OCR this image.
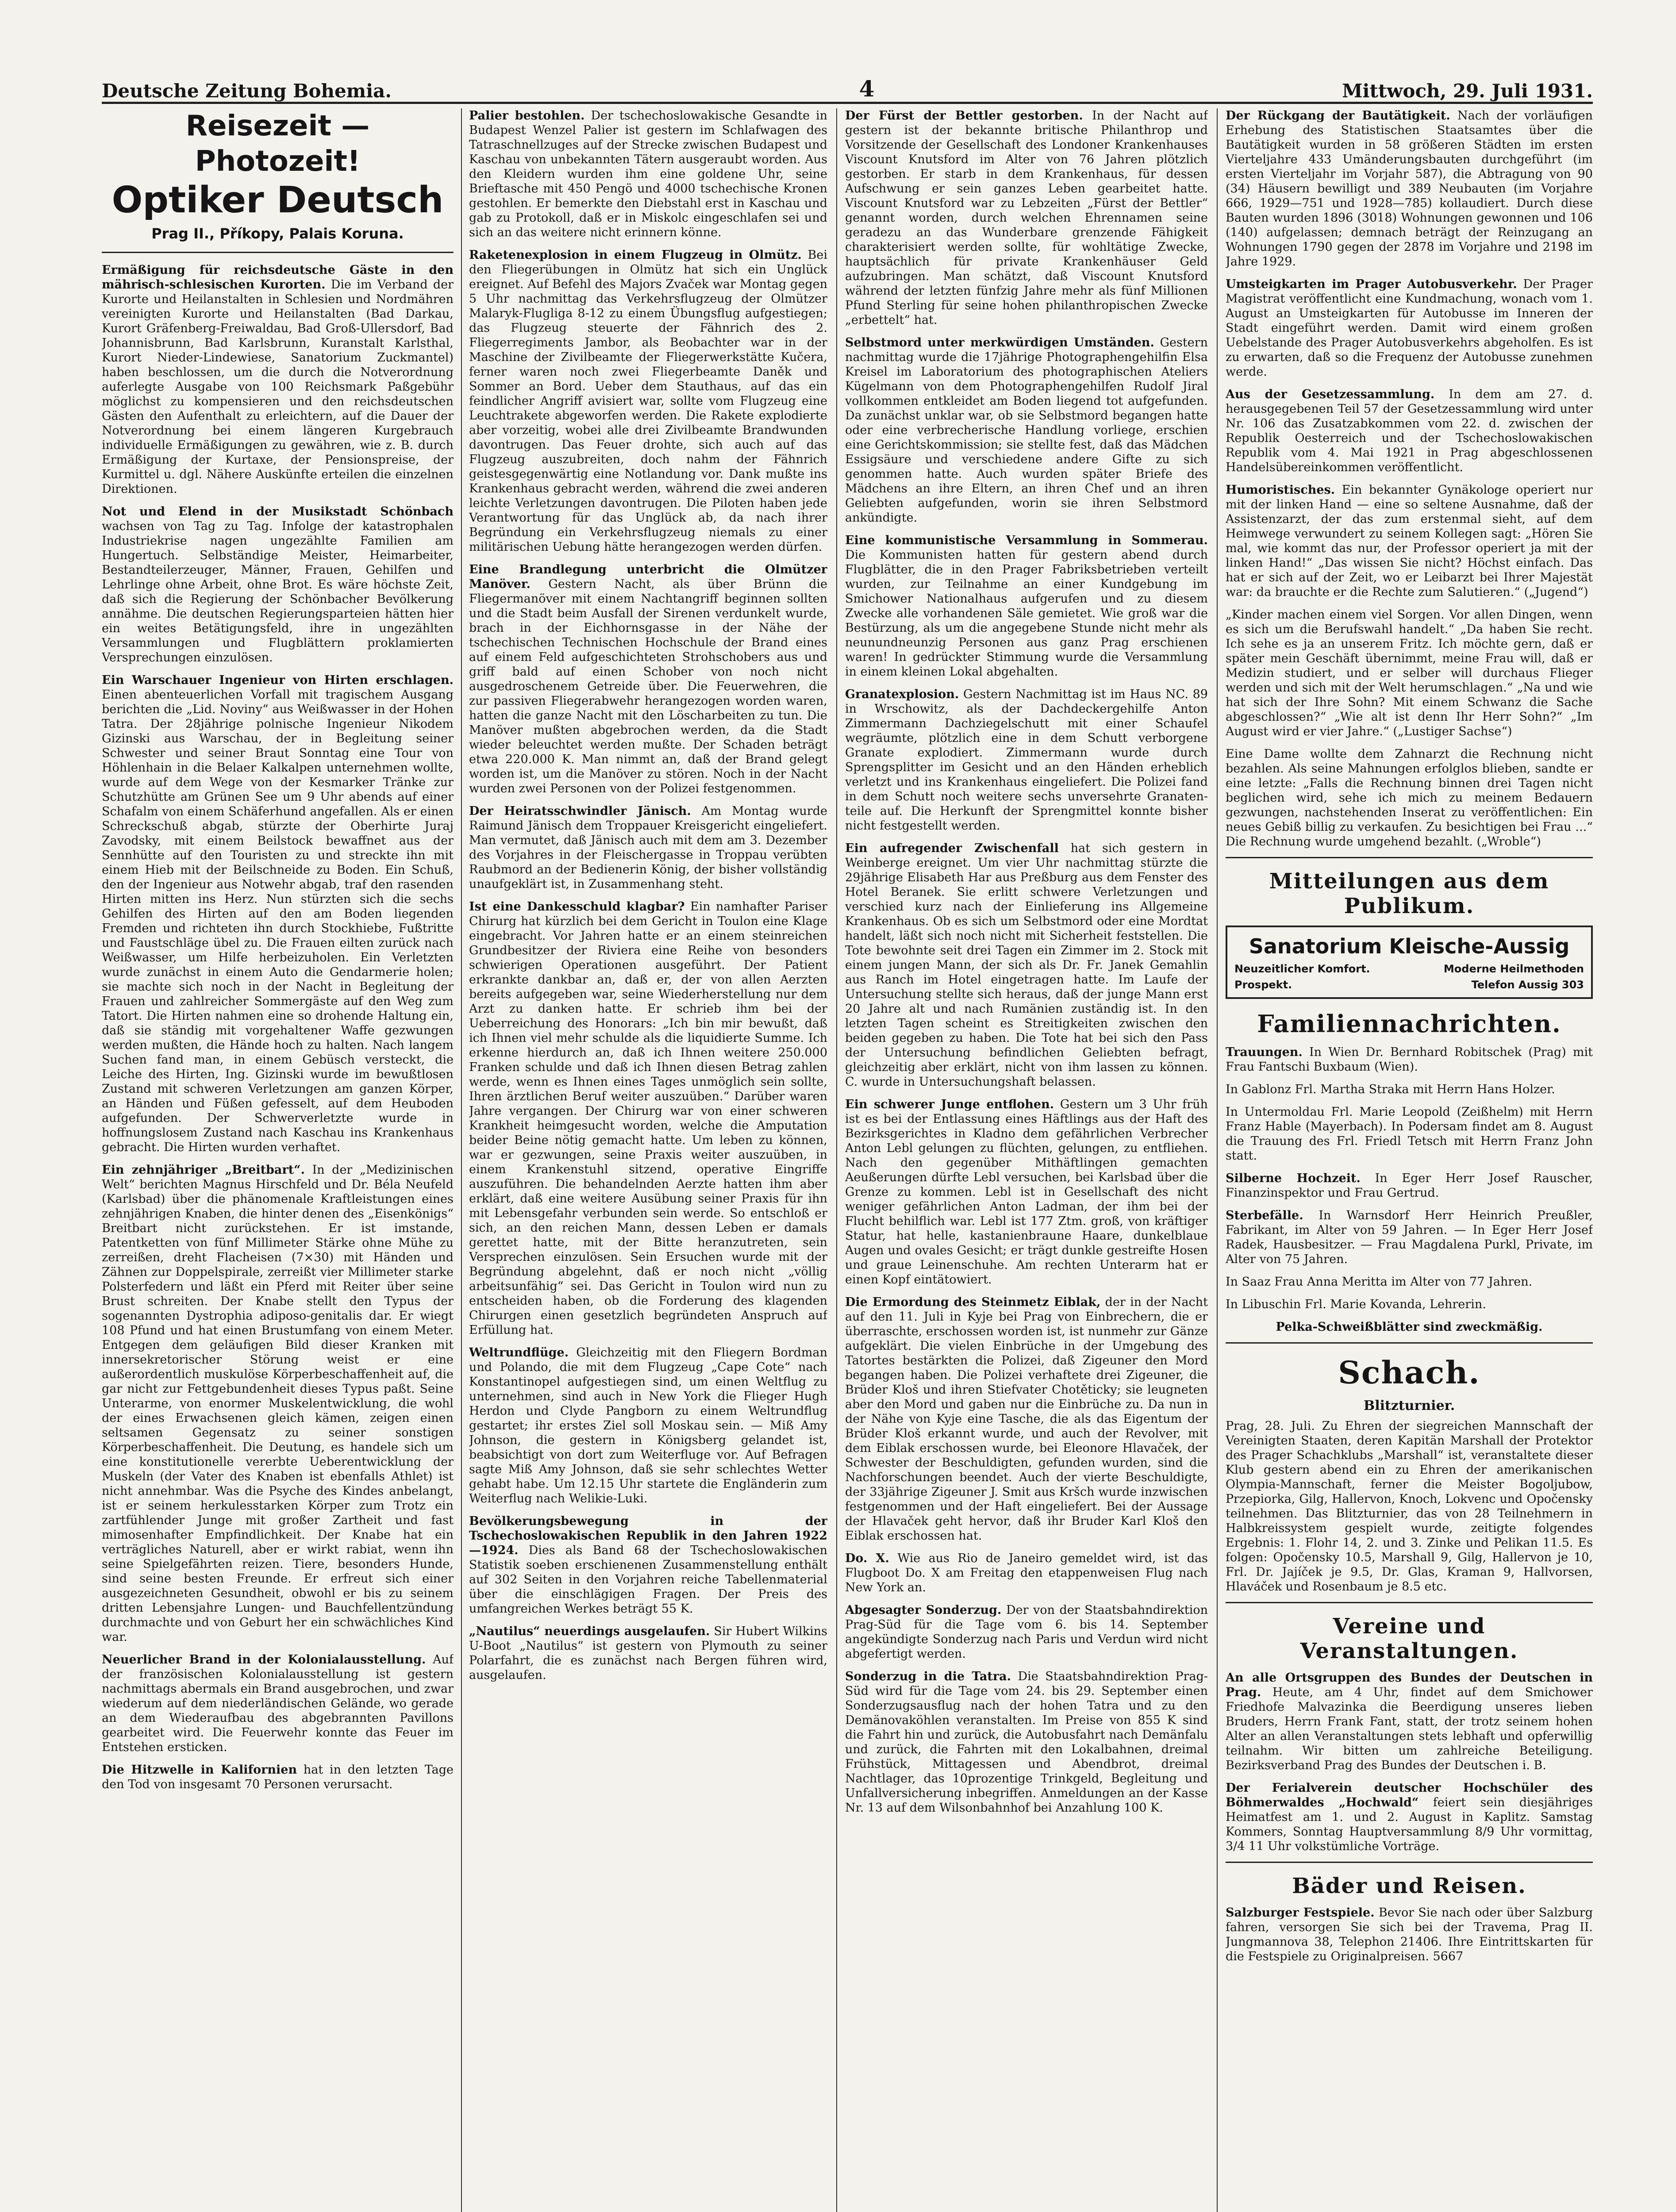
Deutsche Zeitung Bohemia.	4	Mittwoch, 29. Juli 1931.
Reisezeit — Photozeit!
Optiker Deutsch
Prag II., Příkopy, Palais Koruna.

Ermäßigung für reichsdeutsche Gäste in den mährisch-schlesischen Kurorten. Die im Verband der Kurorte und Heilanstalten in Schlesien und Nordmähren vereinigten Kurorte und Heilanstalten (Bad Darkau, Kurort Gräfenberg-Freiwaldau, Bad Groß-Ullersdorf, Bad Johannisbrunn, Bad Karlsbrunn, Kuranstalt Karlsthal, Kurort Nieder-Lindewiese, Sanatorium Zuckmantel) haben beschlossen, um die durch die Notverordnung auferlegte Ausgabe von 100 Reichsmark Paßgebühr möglichst zu kompensieren und den reichsdeutschen Gästen den Aufenthalt zu erleichtern, auf die Dauer der Notverordnung bei einem längeren Kurgebrauch individuelle Ermäßigungen zu gewähren, wie z. B. durch Ermäßigung der Kurtaxe, der Pensionspreise, der Kurmittel u. dgl. Nähere Auskünfte erteilen die einzelnen Direktionen.

Not und Elend in der Musikstadt Schönbach wachsen von Tag zu Tag. Infolge der katastrophalen Industriekrise nagen ungezählte Familien am Hungertuch. Selbständige Meister, Heimarbeiter, Bestandteilerzeuger, Männer, Frauen, Gehilfen und Lehrlinge ohne Arbeit, ohne Brot. Es wäre höchste Zeit, daß sich die Regierung der Schönbacher Bevölkerung annähme. Die deutschen Regierungsparteien hätten hier ein weites Betätigungsfeld, ihre in ungezählten Versammlungen und Flugblättern proklamierten Versprechungen einzulösen.

Ein Warschauer Ingenieur von Hirten erschlagen. Einen abenteuerlichen Vorfall mit tragischem Ausgang berichten die „Lid. Noviny“ aus Weißwasser in der Hohen Tatra. Der 28jährige polnische Ingenieur Nikodem Gizinski aus Warschau, der in Begleitung seiner Schwester und seiner Braut Sonntag eine Tour von Höhlenhain in die Belaer Kalkalpen unternehmen wollte, wurde auf dem Wege von der Kesmarker Tränke zur Schutzhütte am Grünen See um 9 Uhr abends auf einer Schafalm von einem Schäferhund angefallen. Als er einen Schreckschuß abgab, stürzte der Oberhirte Juraj Zavodsky, mit einem Beilstock bewaffnet aus der Sennhütte auf den Touristen zu und streckte ihn mit einem Hieb mit der Beilschneide zu Boden. Ein Schuß, den der Ingenieur aus Notwehr abgab, traf den rasenden Hirten mitten ins Herz. Nun stürzten sich die sechs Gehilfen des Hirten auf den am Boden liegenden Fremden und richteten ihn durch Stockhiebe, Fußtritte und Faustschläge übel zu. Die Frauen eilten zurück nach Weißwasser, um Hilfe herbeizuholen. Ein Verletzten wurde zunächst in einem Auto die Gendarmerie holen; sie machte sich noch in der Nacht in Begleitung der Frauen und zahlreicher Sommergäste auf den Weg zum Tatort. Die Hirten nahmen eine so drohende Haltung ein, daß sie ständig mit vorgehaltener Waffe gezwungen werden mußten, die Hände hoch zu halten. Nach langem Suchen fand man, in einem Gebüsch versteckt, die Leiche des Hirten, Ing. Gizinski wurde im bewußtlosen Zustand mit schweren Verletzungen am ganzen Körper, an Händen und Füßen gefesselt, auf dem Heuboden aufgefunden. Der Schwerverletzte wurde in hoffnungslosem Zustand nach Kaschau ins Krankenhaus gebracht. Die Hirten wurden verhaftet.

Ein zehnjähriger „Breitbart“. In der „Medizinischen Welt“ berichten Magnus Hirschfeld und Dr. Béla Neufeld (Karlsbad) über die phänomenale Kraftleistungen eines zehnjährigen Knaben, die hinter denen des „Eisenkönigs“ Breitbart nicht zurückstehen. Er ist imstande, Patentketten von fünf Millimeter Stärke ohne Mühe zu zerreißen, dreht Flacheisen (7×30) mit Händen und Zähnen zur Doppelspirale, zerreißt vier Millimeter starke Polsterfedern und läßt ein Pferd mit Reiter über seine Brust schreiten. Der Knabe stellt den Typus der sogenannten Dystrophia adiposo-genitalis dar. Er wiegt 108 Pfund und hat einen Brustumfang von einem Meter. Entgegen dem geläufigen Bild dieser Kranken mit innersekretorischer Störung weist er eine außerordentlich muskulöse Körperbeschaffenheit auf, die gar nicht zur Fettgebundenheit dieses Typus paßt. Seine Unterarme, von enormer Muskelentwicklung, die wohl der eines Erwachsenen gleich kämen, zeigen einen seltsamen Gegensatz zu seiner sonstigen Körperbeschaffenheit. Die Deutung, es handele sich um eine konstitutionelle vererbte Ueberentwicklung der Muskeln (der Vater des Knaben ist ebenfalls Athlet) ist nicht annehmbar. Was die Psyche des Kindes anbelangt, ist er seinem herkulesstarken Körper zum Trotz ein zartfühlender Junge mit großer Zartheit und fast mimosenhafter Empfindlichkeit. Der Knabe hat ein verträgliches Naturell, aber er wirkt rabiat, wenn ihn seine Spielgefährten reizen. Tiere, besonders Hunde, sind seine besten Freunde. Er erfreut sich einer ausgezeichneten Gesundheit, obwohl er bis zu seinem dritten Lebensjahre Lungen- und Bauchfellentzündung durchmachte und von Geburt her ein schwächliches Kind war.

Neuerlicher Brand in der Kolonialausstellung. Auf der französischen Kolonialausstellung ist gestern nachmittags abermals ein Brand ausgebrochen, und zwar wiederum auf dem niederländischen Gelände, wo gerade an dem Wiederaufbau des abgebrannten Pavillons gearbeitet wird. Die Feuerwehr konnte das Feuer im Entstehen ersticken.

Die Hitzwelle in Kalifornien hat in den letzten Tage den Tod von insgesamt 70 Personen verursacht.

Palier bestohlen. Der tschechoslowakische Gesandte in Budapest Wenzel Palier ist gestern im Schlafwagen des Tatraschnellzuges auf der Strecke zwischen Budapest und Kaschau von unbekannten Tätern ausgeraubt worden. Aus den Kleidern wurden ihm eine goldene Uhr, seine Brieftasche mit 450 Pengö und 4000 tschechische Kronen gestohlen. Er bemerkte den Diebstahl erst in Kaschau und gab zu Protokoll, daß er in Miskolc eingeschlafen sei und sich an das weitere nicht erinnern könne.

Raketenexplosion in einem Flugzeug in Olmütz. Bei den Fliegerübungen in Olmütz hat sich ein Unglück ereignet. Auf Befehl des Majors Zvaček war Montag gegen 5 Uhr nachmittag das Verkehrsflugzeug der Olmützer Malaryk-Flugliga 8-12 zu einem Übungsflug aufgestiegen; das Flugzeug steuerte der Fähnrich des 2. Fliegerregiments Jambor, als Beobachter war in der Maschine der Zivilbeamte der Fliegerwerkstätte Kučera, ferner waren noch zwei Fliegerbeamte Daněk und Sommer an Bord. Ueber dem Stauthaus, auf das ein feindlicher Angriff avisiert war, sollte vom Flugzeug eine Leuchtrakete abgeworfen werden. Die Rakete explodierte aber vorzeitig, wobei alle drei Zivilbeamte Brandwunden davontrugen. Das Feuer drohte, sich auch auf das Flugzeug auszubreiten, doch nahm der Fähnrich geistesgegenwärtig eine Notlandung vor. Dank mußte ins Krankenhaus gebracht werden, während die zwei anderen leichte Verletzungen davontrugen. Die Piloten haben jede Verantwortung für das Unglück ab, da nach ihrer Begründung ein Verkehrsflugzeug niemals zu einer militärischen Uebung hätte herangezogen werden dürfen.

Eine Brandlegung unterbricht die Olmützer Manöver. Gestern Nacht, als über Brünn die Fliegermanöver mit einem Nachtangriff beginnen sollten und die Stadt beim Ausfall der Sirenen verdunkelt wurde, brach in der Eichhornsgasse in der Nähe der tschechischen Technischen Hochschule der Brand eines auf einem Feld aufgeschichteten Strohschobers aus und griff bald auf einen Schober von noch nicht ausgedroschenem Getreide über. Die Feuerwehren, die zur passiven Fliegerabwehr herangezogen worden waren, hatten die ganze Nacht mit den Löscharbeiten zu tun. Die Manöver mußten abgebrochen werden, da die Stadt wieder beleuchtet werden mußte. Der Schaden beträgt etwa 220.000 K. Man nimmt an, daß der Brand gelegt worden ist, um die Manöver zu stören. Noch in der Nacht wurden zwei Personen von der Polizei festgenommen.

Der Heiratsschwindler Jänisch. Am Montag wurde Raimund Jänisch dem Troppauer Kreisgericht eingeliefert. Man vermutet, daß Jänisch auch mit dem am 3. Dezember des Vorjahres in der Fleischergasse in Troppau verübten Raubmord an der Bedienerin König, der bisher vollständig unaufgeklärt ist, in Zusammenhang steht.

Ist eine Dankesschuld klagbar? Ein namhafter Pariser Chirurg hat kürzlich bei dem Gericht in Toulon eine Klage eingebracht. Vor Jahren hatte er an einem steinreichen Grundbesitzer der Riviera eine Reihe von besonders schwierigen Operationen ausgeführt. Der Patient erkrankte dankbar an, daß er, der von allen Aerzten bereits aufgegeben war, seine Wiederherstellung nur dem Arzt zu danken hatte. Er schrieb ihm bei der Ueberreichung des Honorars: „Ich bin mir bewußt, daß ich Ihnen viel mehr schulde als die liquidierte Summe. Ich erkenne hierdurch an, daß ich Ihnen weitere 250.000 Franken schulde und daß ich Ihnen diesen Betrag zahlen werde, wenn es Ihnen eines Tages unmöglich sein sollte, Ihren ärztlichen Beruf weiter auszuüben.“ Darüber waren Jahre vergangen. Der Chirurg war von einer schweren Krankheit heimgesucht worden, welche die Amputation beider Beine nötig gemacht hatte. Um leben zu können, war er gezwungen, seine Praxis weiter auszuüben, in einem Krankenstuhl sitzend, operative Eingriffe auszuführen. Die behandelnden Aerzte hatten ihm aber erklärt, daß eine weitere Ausübung seiner Praxis für ihn mit Lebensgefahr verbunden sein werde. So entschloß er sich, an den reichen Mann, dessen Leben er damals gerettet hatte, mit der Bitte heranzutreten, sein Versprechen einzulösen. Sein Ersuchen wurde mit der Begründung abgelehnt, daß er noch nicht „völlig arbeitsunfähig“ sei. Das Gericht in Toulon wird nun zu entscheiden haben, ob die Forderung des klagenden Chirurgen einen gesetzlich begründeten Anspruch auf Erfüllung hat.

Weltrundflüge. Gleichzeitig mit den Fliegern Bordman und Polando, die mit dem Flugzeug „Cape Cote“ nach Konstantinopel aufgestiegen sind, um einen Weltflug zu unternehmen, sind auch in New York die Flieger Hugh Herdon und Clyde Pangborn zu einem Weltrundflug gestartet; ihr erstes Ziel soll Moskau sein. — Miß Amy Johnson, die gestern in Königsberg gelandet ist, beabsichtigt von dort zum Weiterfluge vor. Auf Befragen sagte Miß Amy Johnson, daß sie sehr schlechtes Wetter gehabt habe. Um 12.15 Uhr startete die Engländerin zum Weiterflug nach Welikie-Luki.

Bevölkerungsbewegung in der Tschechoslowakischen Republik in den Jahren 1922—1924. Dies als Band 68 der Tschechoslowakischen Statistik soeben erschienenen Zusammenstellung enthält auf 302 Seiten in den Vorjahren reiche Tabellenmaterial über die einschlägigen Fragen. Der Preis des umfangreichen Werkes beträgt 55 K.

„Nautilus“ neuerdings ausgelaufen. Sir Hubert Wilkins U-Boot „Nautilus“ ist gestern von Plymouth zu seiner Polarfahrt, die es zunächst nach Bergen führen wird, ausgelaufen.

Der Fürst der Bettler gestorben. In der Nacht auf gestern ist der bekannte britische Philanthrop und Vorsitzende der Gesellschaft des Londoner Krankenhauses Viscount Knutsford im Alter von 76 Jahren plötzlich gestorben. Er starb in dem Krankenhaus, für dessen Aufschwung er sein ganzes Leben gearbeitet hatte. Viscount Knutsford war zu Lebzeiten „Fürst der Bettler“ genannt worden, durch welchen Ehrennamen seine geradezu an das Wunderbare grenzende Fähigkeit charakterisiert werden sollte, für wohltätige Zwecke, hauptsächlich für private Krankenhäuser Geld aufzubringen. Man schätzt, daß Viscount Knutsford während der letzten fünfzig Jahre mehr als fünf Millionen Pfund Sterling für seine hohen philanthropischen Zwecke „erbettelt“ hat.

Selbstmord unter merkwürdigen Umständen. Gestern nachmittag wurde die 17jährige Photographengehilfin Elsa Kreisel im Laboratorium des photographischen Ateliers Kügelmann von dem Photographengehilfen Rudolf Jiral vollkommen entkleidet am Boden liegend tot aufgefunden. Da zunächst unklar war, ob sie Selbstmord begangen hatte oder eine verbrecherische Handlung vorliege, erschien eine Gerichtskommission; sie stellte fest, daß das Mädchen Essigsäure und verschiedene andere Gifte zu sich genommen hatte. Auch wurden später Briefe des Mädchens an ihre Eltern, an ihren Chef und an ihren Geliebten aufgefunden, worin sie ihren Selbstmord ankündigte.

Eine kommunistische Versammlung in Sommerau. Die Kommunisten hatten für gestern abend durch Flugblätter, die in den Prager Fabriksbetrieben verteilt wurden, zur Teilnahme an einer Kundgebung im Smichower Nationalhaus aufgerufen und zu diesem Zwecke alle vorhandenen Säle gemietet. Wie groß war die Bestürzung, als um die angegebene Stunde nicht mehr als neunundneunzig Personen aus ganz Prag erschienen waren! In gedrückter Stimmung wurde die Versammlung in einem kleinen Lokal abgehalten.

Granatexplosion. Gestern Nachmittag ist im Haus NC. 89 in Wrschowitz, als der Dachdeckergehilfe Anton Zimmermann Dachziegelschutt mit einer Schaufel wegräumte, plötzlich eine in dem Schutt verborgene Granate explodiert. Zimmermann wurde durch Sprengsplitter im Gesicht und an den Händen erheblich verletzt und ins Krankenhaus eingeliefert. Die Polizei fand in dem Schutt noch weitere sechs unversehrte Granaten-teile auf. Die Herkunft der Sprengmittel konnte bisher nicht festgestellt werden.

Ein aufregender Zwischenfall hat sich gestern in Weinberge ereignet. Um vier Uhr nachmittag stürzte die 29jährige Elisabeth Har aus Preßburg aus dem Fenster des Hotel Beranek. Sie erlitt schwere Verletzungen und verschied kurz nach der Einlieferung ins Allgemeine Krankenhaus. Ob es sich um Selbstmord oder eine Mordtat handelt, läßt sich noch nicht mit Sicherheit feststellen. Die Tote bewohnte seit drei Tagen ein Zimmer im 2. Stock mit einem jungen Mann, der sich als Dr. Fr. Janek Gemahlin aus Ranch im Hotel eingetragen hatte. Im Laufe der Untersuchung stellte sich heraus, daß der junge Mann erst 20 Jahre alt und nach Rumänien zuständig ist. In den letzten Tagen scheint es Streitigkeiten zwischen den beiden gegeben zu haben. Die Tote hat bei sich den Pass der Untersuchung befindlichen Geliebten befragt, gleichzeitig aber erklärt, nicht von ihm lassen zu können. C. wurde in Untersuchungshaft belassen.

Ein schwerer Junge entflohen. Gestern um 3 Uhr früh ist es bei der Entlassung eines Häftlings aus der Haft des Bezirksgerichtes in Kladno dem gefährlichen Verbrecher Anton Lebl gelungen zu flüchten, gelungen, zu entfliehen. Nach den gegenüber Mithäftlingen gemachten Aeußerungen dürfte Lebl versuchen, bei Karlsbad über die Grenze zu kommen. Lebl ist in Gesellschaft des nicht weniger gefährlichen Anton Ladman, der ihm bei der Flucht behilflich war. Lebl ist 177 Ztm. groß, von kräftiger Statur, hat helle, kastanienbraune Haare, dunkelblaue Augen und ovales Gesicht; er trägt dunkle gestreifte Hosen und graue Leinenschuhe. Am rechten Unterarm hat er einen Kopf eintätowiert.

Die Ermordung des Steinmetz Eiblak, der in der Nacht auf den 11. Juli in Kyje bei Prag von Einbrechern, die er überraschte, erschossen worden ist, ist nunmehr zur Gänze aufgeklärt. Die vielen Einbrüche in der Umgebung des Tatortes bestärkten die Polizei, daß Zigeuner den Mord begangen haben. Die Polizei verhaftete drei Zigeuner, die Brüder Kloš und ihren Stiefvater Chotěticky; sie leugneten aber den Mord und gaben nur die Einbrüche zu. Da nun in der Nähe von Kyje eine Tasche, die als das Eigentum der Brüder Kloš erkannt wurde, und auch der Revolver, mit dem Eiblak erschossen wurde, bei Eleonore Hlavaček, der Schwester der Beschuldigten, gefunden wurden, sind die Nachforschungen beendet. Auch der vierte Beschuldigte, der 33jährige Zigeuner J. Smit aus Kršch wurde inzwischen festgenommen und der Haft eingeliefert. Bei der Aussage der Hlavaček geht hervor, daß ihr Bruder Karl Kloš den Eiblak erschossen hat.

Do. X. Wie aus Rio de Janeiro gemeldet wird, ist das Flugboot Do. X am Freitag den etappenweisen Flug nach New York an.

Abgesagter Sonderzug. Der von der Staatsbahndirektion Prag-Süd für die Tage vom 6. bis 14. September angekündigte Sonderzug nach Paris und Verdun wird nicht abgefertigt werden.

Sonderzug in die Tatra. Die Staatsbahndirektion Prag-Süd wird für die Tage vom 24. bis 29. September einen Sonderzugsausflug nach der hohen Tatra und zu den Demänovaköhlen veranstalten. Im Preise von 855 K sind die Fahrt hin und zurück, die Autobusfahrt nach Demänfalu und zurück, die Fahrten mit den Lokalbahnen, dreimal Frühstück, Mittagessen und Abendbrot, dreimal Nachtlager, das 10prozentige Trinkgeld, Begleitung und Unfallversicherung inbegriffen. Anmeldungen an der Kasse Nr. 13 auf dem Wilsonbahnhof bei Anzahlung 100 K.

Der Rückgang der Bautätigkeit. Nach der vorläufigen Erhebung des Statistischen Staatsamtes über die Bautätigkeit wurden in 58 größeren Städten im ersten Vierteljahre 433 Umänderungsbauten durchgeführt (im ersten Vierteljahr im Vorjahr 587), die Abtragung von 90 (34) Häusern bewilligt und 389 Neubauten (im Vorjahre 666, 1929—751 und 1928—785) kollaudiert. Durch diese Bauten wurden 1896 (3018) Wohnungen gewonnen und 106 (140) aufgelassen; demnach beträgt der Reinzugang an Wohnungen 1790 gegen der 2878 im Vorjahre und 2198 im Jahre 1929.

Umsteigkarten im Prager Autobusverkehr. Der Prager Magistrat veröffentlicht eine Kundmachung, wonach vom 1. August an Umsteigkarten für Autobusse im Inneren der Stadt eingeführt werden. Damit wird einem großen Uebelstande des Prager Autobusverkehrs abgeholfen. Es ist zu erwarten, daß so die Frequenz der Autobusse zunehmen werde.

Aus der Gesetzessammlung. In dem am 27. d. herausgegebenen Teil 57 der Gesetzessammlung wird unter Nr. 106 das Zusatzabkommen vom 22. d. zwischen der Republik Oesterreich und der Tschechoslowakischen Republik vom 4. Mai 1921 in Prag abgeschlossenen Handelsübereinkommen veröffentlicht.

Humoristisches. Ein bekannter Gynäkologe operiert nur mit der linken Hand — eine so seltene Ausnahme, daß der Assistenzarzt, der das zum erstenmal sieht, auf dem Heimwege verwundert zu seinem Kollegen sagt: „Hören Sie mal, wie kommt das nur, der Professor operiert ja mit der linken Hand!“ „Das wissen Sie nicht? Höchst einfach. Das hat er sich auf der Zeit, wo er Leibarzt bei Ihrer Majestät war: da brauchte er die Rechte zum Salutieren.“ („Jugend“)

„Kinder machen einem viel Sorgen. Vor allen Dingen, wenn es sich um die Berufswahl handelt.“ „Da haben Sie recht. Ich sehe es ja an unserem Fritz. Ich möchte gern, daß er später mein Geschäft übernimmt, meine Frau will, daß er Medizin studiert, und er selber will durchaus Flieger werden und sich mit der Welt herumschlagen.“ „Na und wie hat sich der Ihre Sohn? Mit einem Schwanz die Sache abgeschlossen?“ „Wie alt ist denn Ihr Herr Sohn?“ „Im August wird er vier Jahre.“ („Lustiger Sachse“)

Eine Dame wollte dem Zahnarzt die Rechnung nicht bezahlen. Als seine Mahnungen erfolglos blieben, sandte er eine letzte: „Falls die Rechnung binnen drei Tagen nicht beglichen wird, sehe ich mich zu meinem Bedauern gezwungen, nachstehenden Inserat zu veröffentlichen: Ein neues Gebiß billig zu verkaufen. Zu besichtigen bei Frau ...“ Die Rechnung wurde umgehend bezahlt. („Wroble“)

Mitteilungen aus dem Publikum.
Sanatorium Kleische-Aussig
Neuzeitlicher Komfort.	Moderne Heilmethoden
Prospekt.	Telefon Aussig 303
Familiennachrichten.

Trauungen. In Wien Dr. Bernhard Robitschek (Prag) mit Frau Fantschi Buxbaum (Wien).

In Gablonz Frl. Martha Straka mit Herrn Hans Holzer.

In Untermoldau Frl. Marie Leopold (Zeißhelm) mit Herrn Franz Hable (Mayerbach). In Podersam findet am 8. August die Trauung des Frl. Friedl Tetsch mit Herrn Franz John statt.

Silberne Hochzeit. In Eger Herr Josef Rauscher, Finanzinspektor und Frau Gertrud.

Sterbefälle. In Warnsdorf Herr Heinrich Preußler, Fabrikant, im Alter von 59 Jahren. — In Eger Herr Josef Radek, Hausbesitzer. — Frau Magdalena Purkl, Private, im Alter von 75 Jahren.

In Saaz Frau Anna Meritta im Alter von 77 Jahren.

In Libuschin Frl. Marie Kovanda, Lehrerin.

Pelka-Schweißblätter sind zweckmäßig.

Schach.
Blitzturnier.

Prag, 28. Juli. Zu Ehren der siegreichen Mannschaft der Vereinigten Staaten, deren Kapitän Marshall der Protektor des Prager Schachklubs „Marshall“ ist, veranstaltete dieser Klub gestern abend ein zu Ehren der amerikanischen Olympia-Mannschaft, ferner die Meister Bogoljubow, Przepiorka, Gilg, Hallervon, Knoch, Lokvenc und Opočensky teilnehmen. Das Blitzturnier, das von 28 Teilnehmern in Halbkreissystem gespielt wurde, zeitigte folgendes Ergebnis: 1. Flohr 14, 2. und 3. Zinke und Pelikan 11.5. Es folgen: Opočensky 10.5, Marshall 9, Gilg, Hallervon je 10, Frl. Dr. Jajíček je 9.5, Dr. Glas, Kraman 9, Hallvorsen, Hlaváček und Rosenbaum je 8.5 etc.

Vereine und Veranstaltungen.

An alle Ortsgruppen des Bundes der Deutschen in Prag. Heute, am 4 Uhr, findet auf dem Smichower Friedhofe Malvazinka die Beerdigung unseres lieben Bruders, Herrn Frank Fant, statt, der trotz seinem hohen Alter an allen Veranstaltungen stets lebhaft und opferwillig teilnahm. Wir bitten um zahlreiche Beteiligung. Bezirksverband Prag des Bundes der Deutschen i. B.

Der Ferialverein deutscher Hochschüler des Böhmerwaldes „Hochwald“ feiert sein diesjähriges Heimatfest am 1. und 2. August in Kaplitz. Samstag Kommers, Sonntag Hauptversammlung 8/9 Uhr vormittag, 3/4 11 Uhr volkstümliche Vorträge.

Bäder und Reisen.

Salzburger Festspiele. Bevor Sie nach oder über Salzburg fahren, versorgen Sie sich bei der Travema, Prag II. Jungmannova 38, Telephon 21406. Ihre Eintrittskarten für die Festspiele zu Originalpreisen. 5667
